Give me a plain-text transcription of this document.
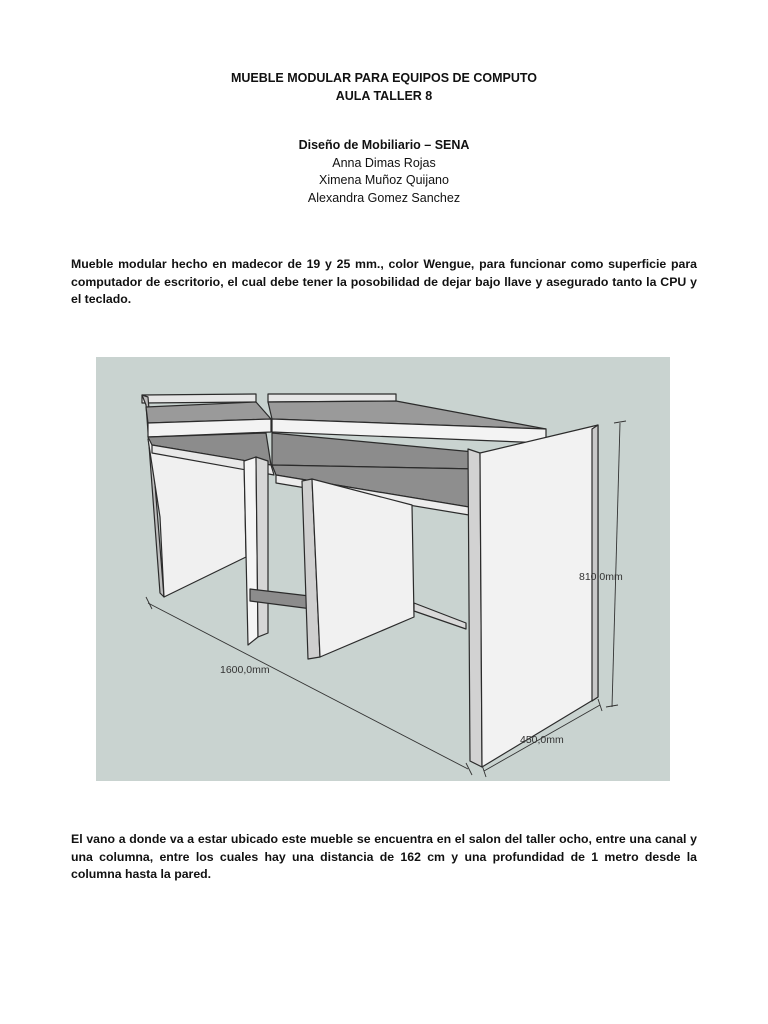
MUEBLE MODULAR PARA EQUIPOS DE COMPUTO
AULA TALLER 8
Diseño de Mobiliario – SENA
Anna Dimas Rojas
Ximena Muñoz Quijano
Alexandra Gomez Sanchez
Mueble modular hecho en madecor de 19 y 25 mm., color Wengue, para funcionar como superficie para computador de escritorio, el cual debe tener la posobilidad de dejar bajo llave y asegurado tanto la CPU y el teclado.
1600,0mm
810,0mm
450,0mm
El vano a donde va a estar ubicado este mueble se encuentra en el salon del taller ocho, entre una canal y una columna, entre los cuales hay una distancia de 162 cm y una profundidad de 1 metro desde la columna hasta la pared.
